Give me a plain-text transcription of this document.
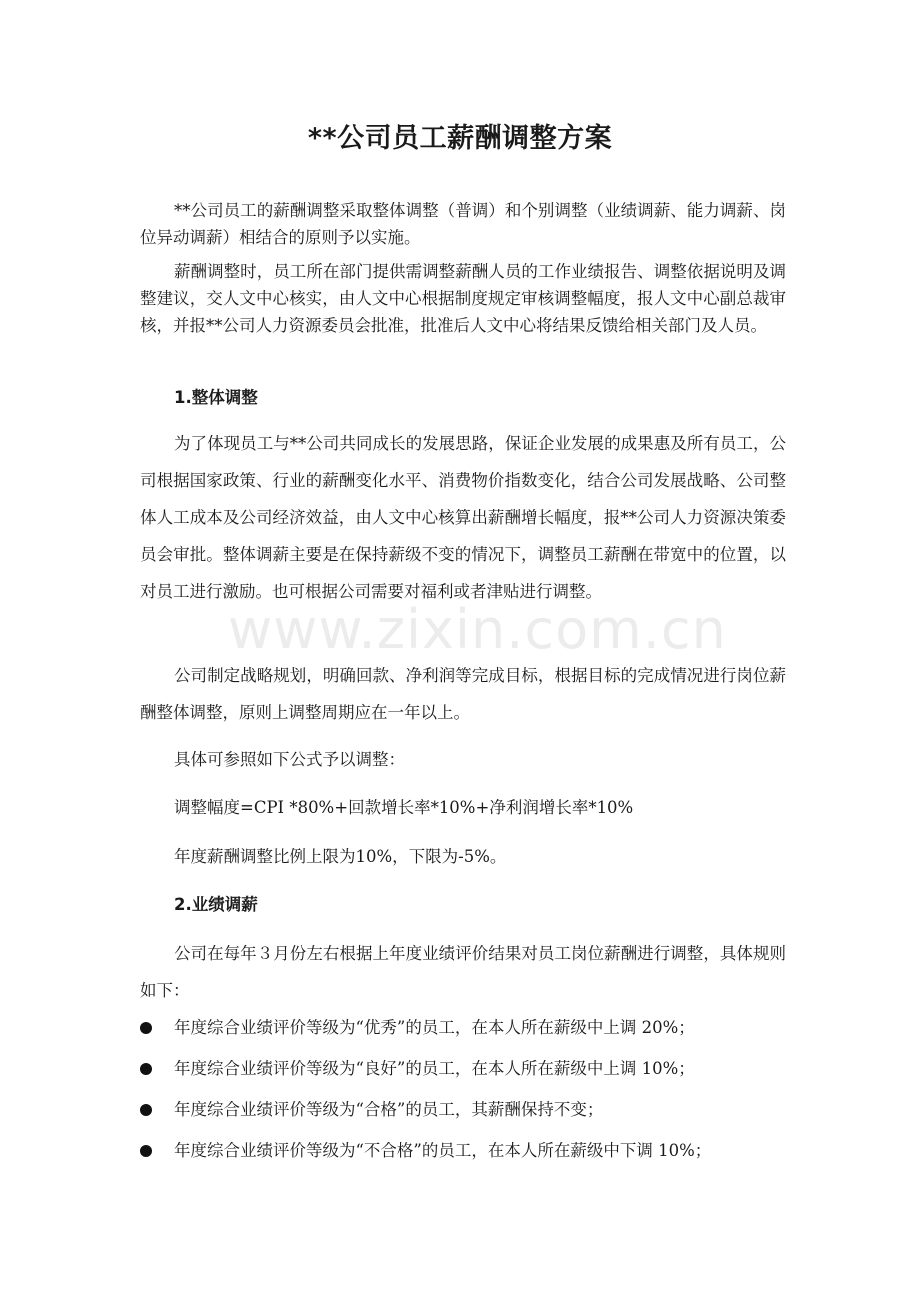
www.zixin.com.cn
**公司员工薪酬调整方案

**公司员工的薪酬调整采取整体调整（普调）和个别调整（业绩调薪、能力调薪、岗位异动调薪）相结合的原则予以实施。

薪酬调整时，员工所在部门提供需调整薪酬人员的工作业绩报告、调整依据说明及调整建议，交人文中心核实，由人文中心根据制度规定审核调整幅度，报人文中心副总裁审核，并报**公司人力资源委员会批准，批准后人文中心将结果反馈给相关部门及人员。

1.整体调整

为了体现员工与**公司共同成长的发展思路，保证企业发展的成果惠及所有员工，公司根据国家政策、行业的薪酬变化水平、消费物价指数变化，结合公司发展战略、公司整体人工成本及公司经济效益，由人文中心核算出薪酬增长幅度，报**公司人力资源决策委员会审批。整体调薪主要是在保持薪级不变的情况下，调整员工薪酬在带宽中的位置，以对员工进行激励。也可根据公司需要对福利或者津贴进行调整。

公司制定战略规划，明确回款、净利润等完成目标，根据目标的完成情况进行岗位薪酬整体调整，原则上调整周期应在一年以上。

具体可参照如下公式予以调整：

调整幅度=CPI *80%+回款增长率*10%+净利润增长率*10%

年度薪酬调整比例上限为10%，下限为-5%。

2.业绩调薪

公司在每年３月份左右根据上年度业绩评价结果对员工岗位薪酬进行调整，具体规则如下：

年度综合业绩评价等级为“优秀”的员工，在本人所在薪级中上调 20%；
年度综合业绩评价等级为“良好”的员工，在本人所在薪级中上调 10%；
年度综合业绩评价等级为“合格”的员工，其薪酬保持不变；
年度综合业绩评价等级为“不合格”的员工，在本人所在薪级中下调 10%；
